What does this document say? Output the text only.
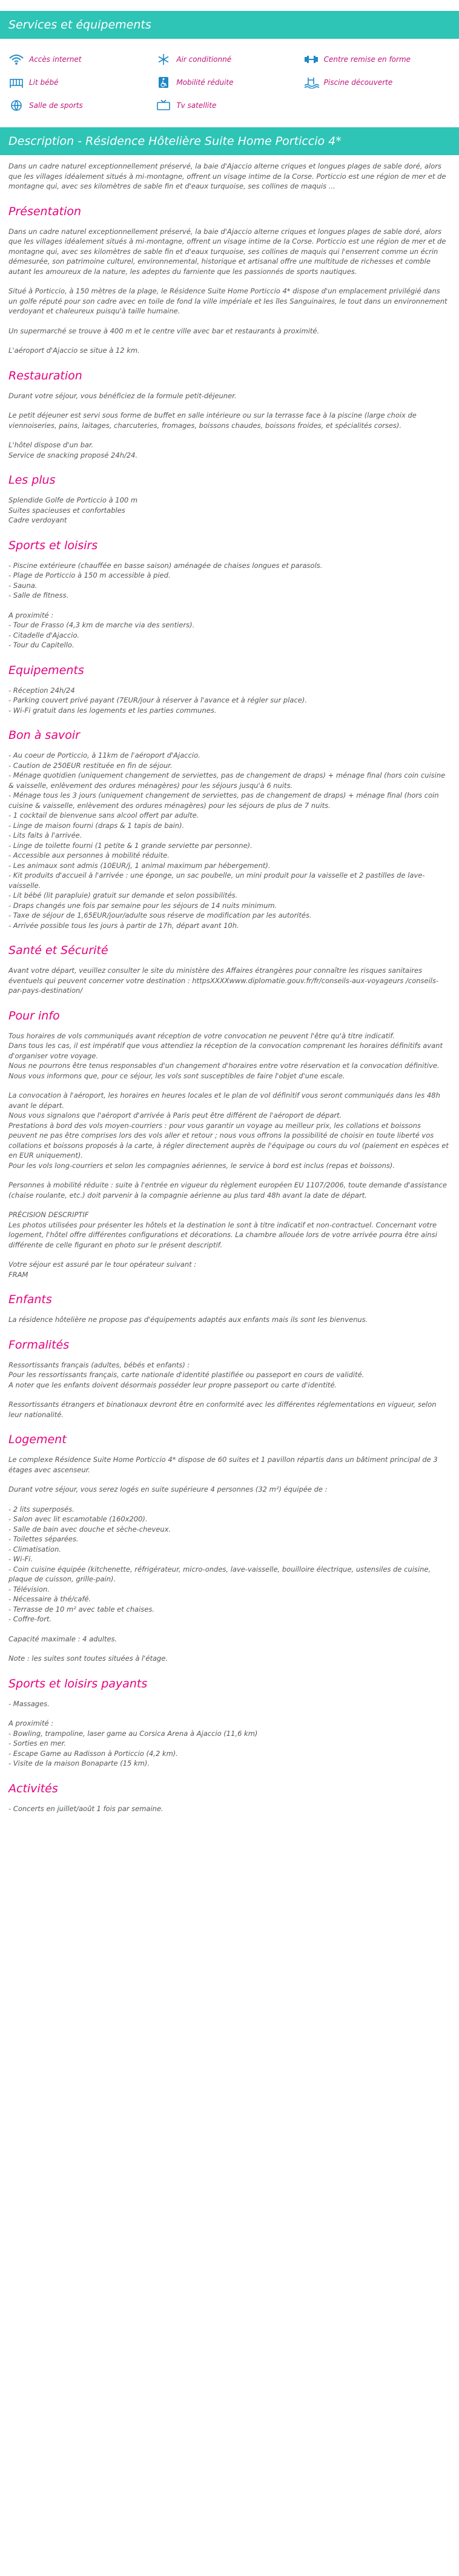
Services et équipements
Accès internet	Air conditionné	Centre remise en forme
Lit bébé	Mobilité réduite	Piscine découverte
Salle de sports	Tv satellite
Description - Résidence Hôtelière Suite Home Porticcio 4*

Dans un cadre naturel exceptionnellement préservé, la baie d'Ajaccio alterne criques et longues plages de sable doré, alors que les villages idéalement situés à mi-montagne, offrent un visage intime de la Corse. Porticcio est une région de mer et de montagne qui, avec ses kilomètres de sable fin et d'eaux turquoise, ses collines de maquis ...

Présentation

Dans un cadre naturel exceptionnellement préservé, la baie d'Ajaccio alterne criques et longues plages de sable doré, alors que les villages idéalement situés à mi-montagne, offrent un visage intime de la Corse. Porticcio est une région de mer et de montagne qui, avec ses kilomètres de sable fin et d'eaux turquoise, ses collines de maquis qui l'enserrent comme un écrin démesurée, son patrimoine culturel, environnemental, historique et artisanal offre une multitude de richesses et comble autant les amoureux de la nature, les adeptes du farniente que les passionnés de sports nautiques.

Situé à Porticcio, à 150 mètres de la plage, le Résidence Suite Home Porticcio 4* dispose d'un emplacement privilégié dans un golfe réputé pour son cadre avec en toile de fond la ville impériale et les îles Sanguinaires, le tout dans un environnement verdoyant et chaleureux puisqu'à taille humaine.

Un supermarché se trouve à 400 m et le centre ville avec bar et restaurants à proximité.

L'aéroport d'Ajaccio se situe à 12 km.

Restauration

Durant votre séjour, vous bénéficiez de la formule petit-déjeuner.

Le petit déjeuner est servi sous forme de buffet en salle intérieure ou sur la terrasse face à la piscine (large choix de viennoiseries, pains, laitages, charcuteries, fromages, boissons chaudes, boissons froides, et spécialités corses).

L'hôtel dispose d'un bar.
Service de snacking proposé 24h/24.

Les plus

Splendide Golfe de Porticcio à 100 m
Suites spacieuses et confortables
Cadre verdoyant

Sports et loisirs

- Piscine extérieure (chauffée en basse saison) aménagée de chaises longues et parasols.
- Plage de Porticcio à 150 m accessible à pied.
- Sauna.
- Salle de fitness.

A proximité :
- Tour de Frasso (4,3 km de marche via des sentiers).
- Citadelle d'Ajaccio.
- Tour du Capitello.

Equipements

- Réception 24h/24
- Parking couvert privé payant (7EUR/jour à réserver à l'avance et à régler sur place).
- Wi-Fi gratuit dans les logements et les parties communes.

Bon à savoir

- Au coeur de Porticcio, à 11km de l'aéroport d'Ajaccio.
- Caution de 250EUR restituée en fin de séjour.
- Ménage quotidien (uniquement changement de serviettes, pas de changement de draps) + ménage final (hors coin cuisine & vaisselle, enlèvement des ordures ménagères) pour les séjours jusqu'à 6 nuits.
- Ménage tous les 3 jours (uniquement changement de serviettes, pas de changement de draps) + ménage final (hors coin cuisine & vaisselle, enlèvement des ordures ménagères) pour les séjours de plus de 7 nuits.
- 1 cocktail de bienvenue sans alcool offert par adulte.
- Linge de maison fourni (draps & 1 tapis de bain).
- Lits faits à l'arrivée.
- Linge de toilette fourni (1 petite & 1 grande serviette par personne).
- Accessible aux personnes à mobilité réduite.
- Les animaux sont admis (10EUR/j, 1 animal maximum par hébergement).
- Kit produits d'accueil à l'arrivée : une éponge, un sac poubelle, un mini produit pour la vaisselle et 2 pastilles de lave-vaisselle.
- Lit bébé (lit parapluie) gratuit sur demande et selon possibilités.
- Draps changés une fois par semaine pour les séjours de 14 nuits minimum.
- Taxe de séjour de 1,65EUR/jour/adulte sous réserve de modification par les autorités.
- Arrivée possible tous les jours à partir de 17h, départ avant 10h.

Santé et Sécurité

Avant votre départ, veuillez consulter le site du ministère des Affaires étrangères pour connaître les risques sanitaires éventuels qui peuvent concerner votre destination : httpsXXXXwww.diplomatie.gouv.fr/fr/conseils-aux-voyageurs /conseils-par-pays-destination/

Pour info

Tous horaires de vols communiqués avant réception de votre convocation ne peuvent l'être qu'à titre indicatif.
Dans tous les cas, il est impératif que vous attendiez la réception de la convocation comprenant les horaires définitifs avant d'organiser votre voyage.
Nous ne pourrons être tenus responsables d'un changement d'horaires entre votre réservation et la convocation définitive.
Nous vous informons que, pour ce séjour, les vols sont susceptibles de faire l'objet d'une escale.

La convocation à l'aéroport, les horaires en heures locales et le plan de vol définitif vous seront communiqués dans les 48h avant le départ.
Nous vous signalons que l'aéroport d'arrivée à Paris peut être différent de l'aéroport de départ.
Prestations à bord des vols moyen-courriers : pour vous garantir un voyage au meilleur prix, les collations et boissons peuvent ne pas être comprises lors des vols aller et retour ; nous vous offrons la possibilité de choisir en toute liberté vos collations et boissons proposés à la carte, à régler directement auprès de l'équipage ou cours du vol (paiement en espèces et en EUR uniquement).
Pour les vols long-courriers et selon les compagnies aériennes, le service à bord est inclus (repas et boissons).

Personnes à mobilité réduite : suite à l'entrée en vigueur du règlement européen EU 1107/2006, toute demande d'assistance (chaise roulante, etc.) doit parvenir à la compagnie aérienne au plus tard 48h avant la date de départ.

PRÉCISION DESCRIPTIF
Les photos utilisées pour présenter les hôtels et la destination le sont à titre indicatif et non-contractuel. Concernant votre logement, l'hôtel offre différentes configurations et décorations. La chambre allouée lors de votre arrivée pourra être ainsi différente de celle figurant en photo sur le présent descriptif.

Votre séjour est assuré par le tour opérateur suivant :
FRAM

Enfants

La résidence hôtelière ne propose pas d'équipements adaptés aux enfants mais ils sont les bienvenus.

Formalités

Ressortissants français (adultes, bébés et enfants) :
Pour les ressortissants français, carte nationale d'identité plastifiée ou passeport en cours de validité.
A noter que les enfants doivent désormais posséder leur propre passeport ou carte d'identité.

Ressortissants étrangers et binationaux devront être en conformité avec les différentes réglementations en vigueur, selon leur nationalité.

Logement

Le complexe Résidence Suite Home Porticcio 4* dispose de 60 suites et 1 pavillon répartis dans un bâtiment principal de 3 étages avec ascenseur.

Durant votre séjour, vous serez logés en suite supérieure 4 personnes (32 m²) équipée de :

- 2 lits superposés.
- Salon avec lit escamotable (160x200).
- Salle de bain avec douche et sèche-cheveux.
- Toilettes séparées.
- Climatisation.
- Wi-Fi.
- Coin cuisine équipée (kitchenette, réfrigérateur, micro-ondes, lave-vaisselle, bouilloire électrique, ustensiles de cuisine, plaque de cuisson, grille-pain).
- Télévision.
- Nécessaire à thé/café.
- Terrasse de 10 m² avec table et chaises.
- Coffre-fort.

Capacité maximale : 4 adultes.

Note : les suites sont toutes situées à l'étage.

Sports et loisirs payants

- Massages.

A proximité :
- Bowling, trampoline, laser game au Corsica Arena à Ajaccio (11,6 km)
- Sorties en mer.
- Escape Game au Radisson à Porticcio (4,2 km).
- Visite de la maison Bonaparte (15 km).

Activités

- Concerts en juillet/août 1 fois par semaine.
